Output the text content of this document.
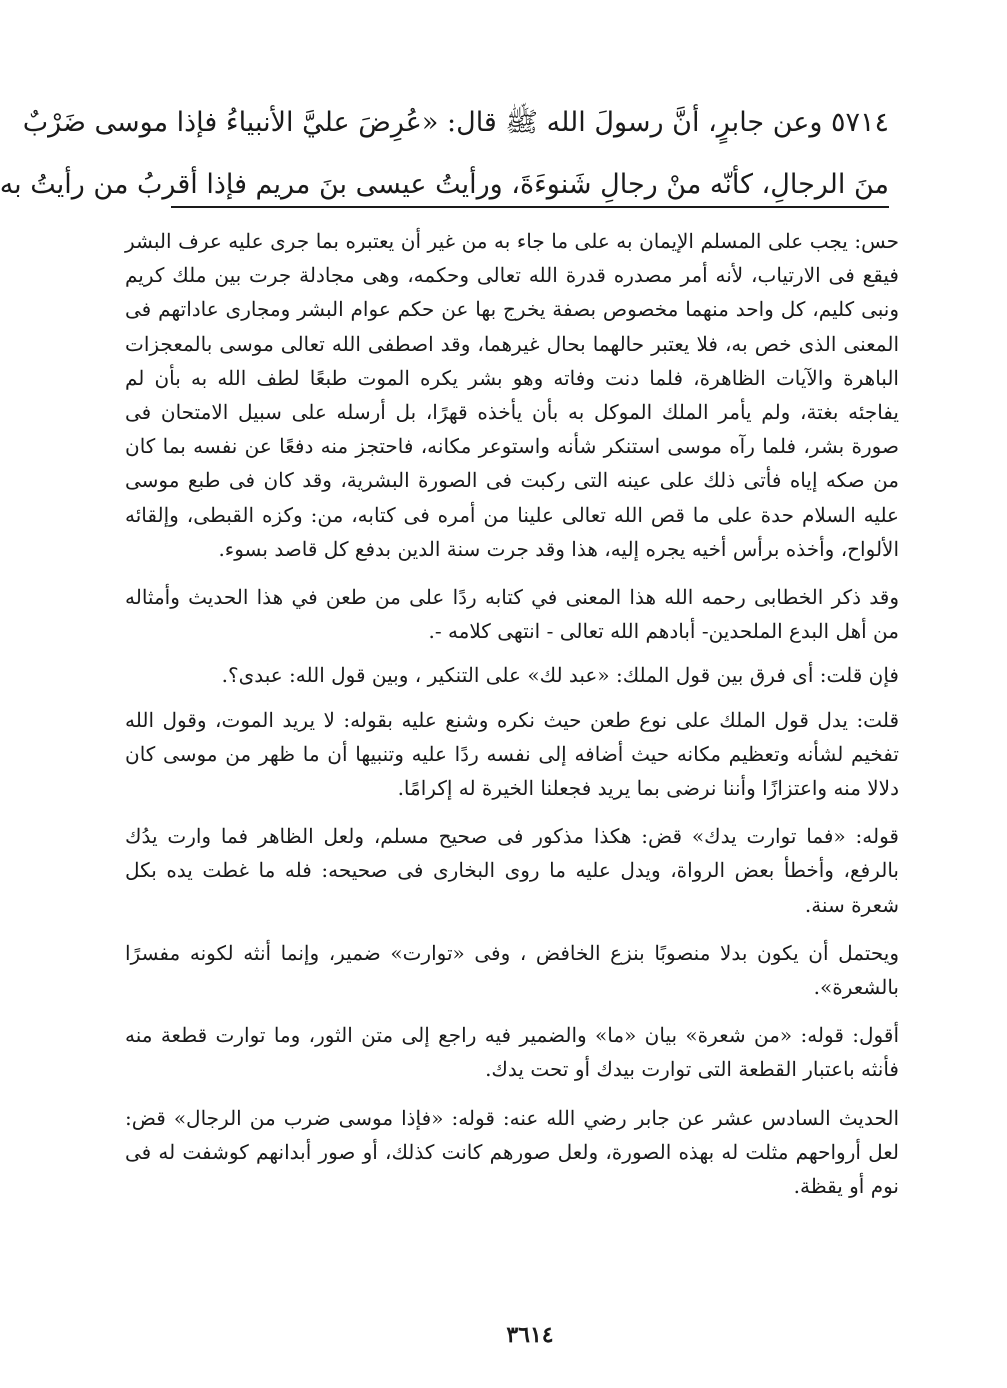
٥٧١٤ وعن جابرٍ، أنَّ رسولَ الله ﷺ قال: «عُرِضَ عليَّ الأنبياءُ فإذا موسى ضَرْبٌ

منَ الرجالِ، كأنّه منْ رجالِ شَنوءَةَ، ورأيتُ عيسى بنَ مريم فإذا أقربُ من رأيتُ به

حس: يجب على المسلم الإيمان به على ما جاء به من غير أن يعتبره بما جرى عليه عرف البشر فيقع فى الارتياب، لأنه أمر مصدره قدرة الله تعالى وحكمه، وهى مجادلة جرت بين ملك كريم ونبى كليم، كل واحد منهما مخصوص بصفة يخرج بها عن حكم عوام البشر ومجارى عاداتهم فى المعنى الذى خص به، فلا يعتبر حالهما بحال غيرهما، وقد اصطفى الله تعالى موسى بالمعجزات الباهرة والآيات الظاهرة، فلما دنت وفاته وهو بشر يكره الموت طبعًا لطف الله به بأن لم يفاجئه بغتة، ولم يأمر الملك الموكل به بأن يأخذه قهرًا، بل أرسله على سبيل الامتحان فى صورة بشر، فلما رآه موسى استنكر شأنه واستوعر مكانه، فاحتجز منه دفعًا عن نفسه بما كان من صكه إياه فأتى ذلك على عينه التى ركبت فى الصورة البشرية، وقد كان فى طبع موسى عليه السلام حدة على ما قص الله تعالى علينا من أمره فى كتابه، من: وكزه القبطى، وإلقائه الألواح، وأخذه برأس أخيه يجره إليه، هذا وقد جرت سنة الدين بدفع كل قاصد بسوء.

وقد ذكر الخطابى رحمه الله هذا المعنى في كتابه ردًا على من طعن في هذا الحديث وأمثاله من أهل البدع الملحدين- أبادهم الله تعالى - انتهى كلامه -.

فإن قلت: أى فرق بين قول الملك: «عبد لك» على التنكير ، وبين قول الله: عبدى؟.

قلت: يدل قول الملك على نوع طعن حيث نكره وشنع عليه بقوله: لا يريد الموت، وقول الله تفخيم لشأنه وتعظيم مكانه حيث أضافه إلى نفسه ردًا عليه وتنبيها أن ما ظهر من موسى كان دلالا منه واعتزازًا وأننا نرضى بما يريد فجعلنا الخيرة له إكرامًا.

قوله: «فما توارت يدك» قض: هكذا مذكور فى صحيح مسلم، ولعل الظاهر فما وارت يدُك بالرفع، وأخطأ بعض الرواة، ويدل عليه ما روى البخارى فى صحيحه: فله ما غطت يده بكل شعرة سنة.

ويحتمل أن يكون بدلا منصوبًا بنزع الخافض ، وفى «توارت» ضمير، وإنما أنثه لكونه مفسرًا بالشعرة».

أقول: قوله: «من شعرة» بيان «ما» والضمير فيه راجع إلى متن الثور، وما توارت قطعة منه فأنثه باعتبار القطعة التى توارت بيدك أو تحت يدك.

الحديث السادس عشر عن جابر رضي الله عنه: قوله: «فإذا موسى ضرب من الرجال» قض: لعل أرواحهم مثلت له بهذه الصورة، ولعل صورهم كانت كذلك، أو صور أبدانهم كوشفت له فى نوم أو يقظة.

٣٦١٤
